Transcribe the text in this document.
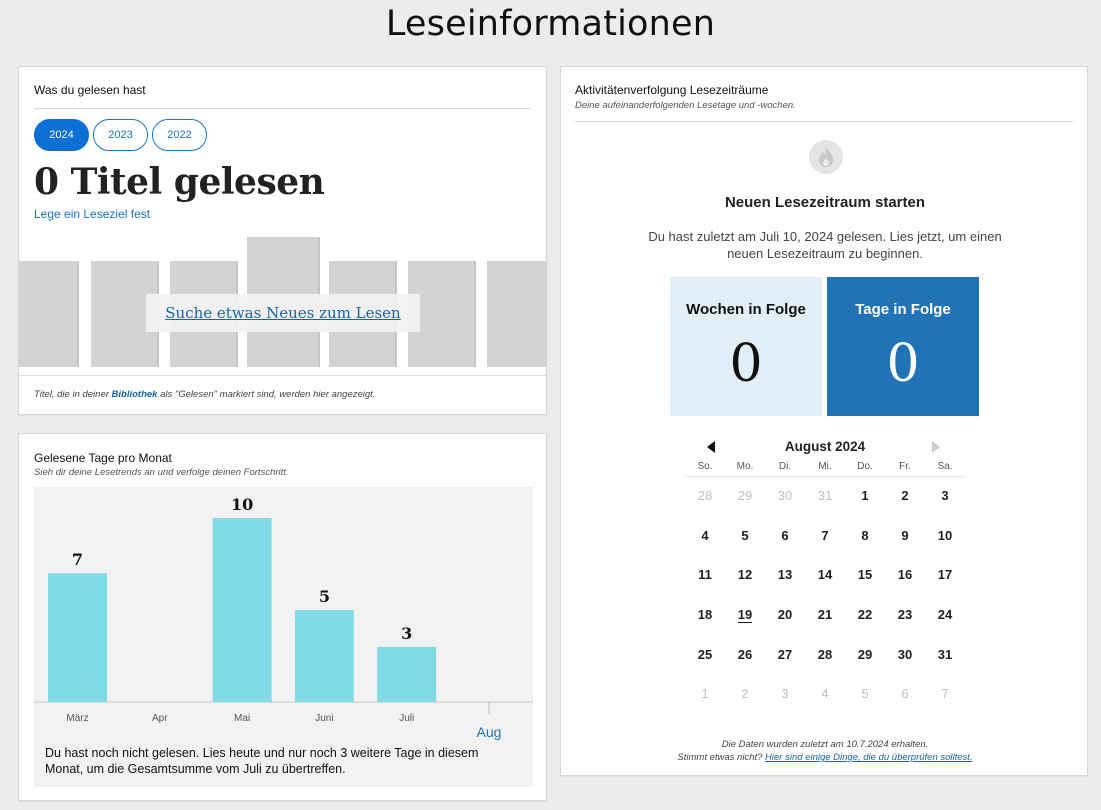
Leseinformationen
Was du gelesen hast
2024	2023	2022
0 Titel gelesen
Lege ein Leseziel fest
Suche etwas Neues zum Lesen
Titel, die in deiner Bibliothek als "Gelesen" markiert sind, werden hier angezeigt.
Gelesene Tage pro Monat
Sieh dir deine Lesetrends an und verfolge deinen Fortschritt.
7
März	Apr
10
Mai
5
Juni
3
Juli
Aug
Du hast noch nicht gelesen. Lies heute und nur noch 3 weitere Tage in diesem Monat, um die Gesamtsumme vom Juli zu übertreffen.
Aktivitätenverfolgung Lesezeiträume
Deine aufeinanderfolgenden Lesetage und -wochen.
Neuen Lesezeitraum starten
Du hast zuletzt am Juli 10, 2024 gelesen. Lies jetzt, um einen neuen Lesezeitraum zu beginnen.
Wochen in Folge
0
Tage in Folge
0
August 2024
So.	Mo.	Di.	Mi.	Do.	Fr.	Sa.
28	29	30	31	1	2	3
4	5	6	7	8	9	10
11	12	13	14	15	16	17
18	19	20	21	22	23	24
25	26	27	28	29	30	31
1	2	3	4	5	6	7
Die Daten wurden zuletzt am 10.7.2024 erhalten.
Stimmt etwas nicht? Hier sind einige Dinge, die du überprüfen solltest.
